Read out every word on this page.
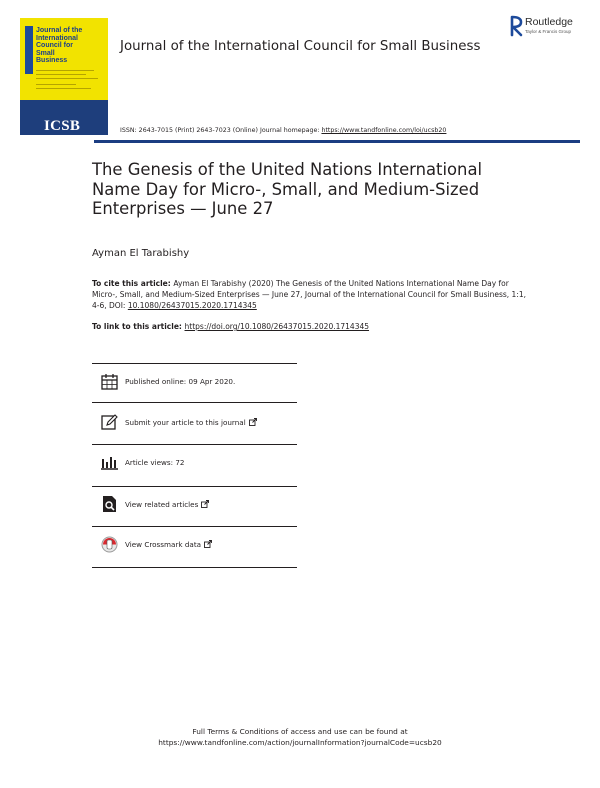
Journal of the
International
Council for
Small
Business
ICSB
Journal of the International Council for Small Business
Routledge
Taylor & Francis Group
ISSN: 2643-7015 (Print) 2643-7023 (Online) Journal homepage: https://www.tandfonline.com/loi/ucsb20
The Genesis of the United Nations International Name Day for Micro-, Small, and Medium-Sized Enterprises — June 27
Ayman El Tarabishy
To cite this article: Ayman El Tarabishy (2020) The Genesis of the United Nations International Name Day for Micro-, Small, and Medium-Sized Enterprises — June 27, Journal of the International Council for Small Business, 1:1, 4-6, DOI: 10.1080/26437015.2020.1714345
To link to this article: https://doi.org/10.1080/26437015.2020.1714345
Published online: 09 Apr 2020.
Submit your article to this journal
Article views: 72
View related articles
View Crossmark data
Full Terms & Conditions of access and use can be found at
https://www.tandfonline.com/action/journalInformation?journalCode=ucsb20
